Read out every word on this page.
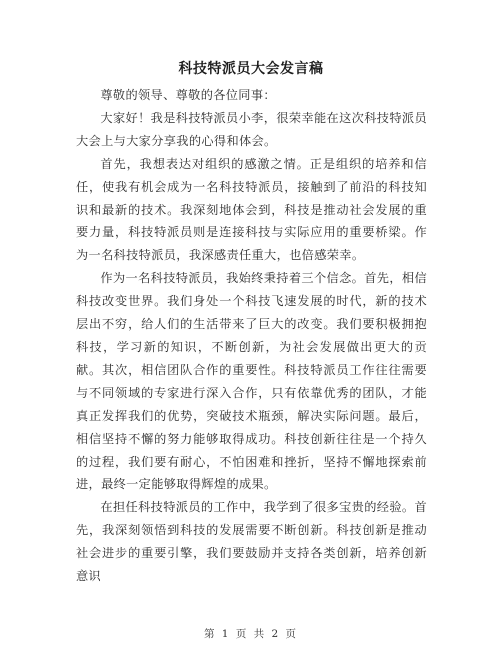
科技特派员大会发言稿

尊敬的领导、尊敬的各位同事：

大家好！我是科技特派员小李，很荣幸能在这次科技特派员大会上与大家分享我的心得和体会。

首先，我想表达对组织的感激之情。正是组织的培养和信任，使我有机会成为一名科技特派员，接触到了前沿的科技知识和最新的技术。我深刻地体会到，科技是推动社会发展的重要力量，科技特派员则是连接科技与实际应用的重要桥梁。作为一名科技特派员，我深感责任重大，也倍感荣幸。

作为一名科技特派员，我始终秉持着三个信念。首先，相信科技改变世界。我们身处一个科技飞速发展的时代，新的技术层出不穷，给人们的生活带来了巨大的改变。我们要积极拥抱科技，学习新的知识，不断创新，为社会发展做出更大的贡献。其次，相信团队合作的重要性。科技特派员工作往往需要与不同领域的专家进行深入合作，只有依靠优秀的团队，才能真正发挥我们的优势，突破技术瓶颈，解决实际问题。最后，相信坚持不懈的努力能够取得成功。科技创新往往是一个持久的过程，我们要有耐心，不怕困难和挫折，坚持不懈地探索前进，最终一定能够取得辉煌的成果。

在担任科技特派员的工作中，我学到了很多宝贵的经验。首先，我深刻领悟到科技的发展需要不断创新。科技创新是推动社会进步的重要引擎，我们要鼓励并支持各类创新，培养创新意识

第 1 页 共 2 页
